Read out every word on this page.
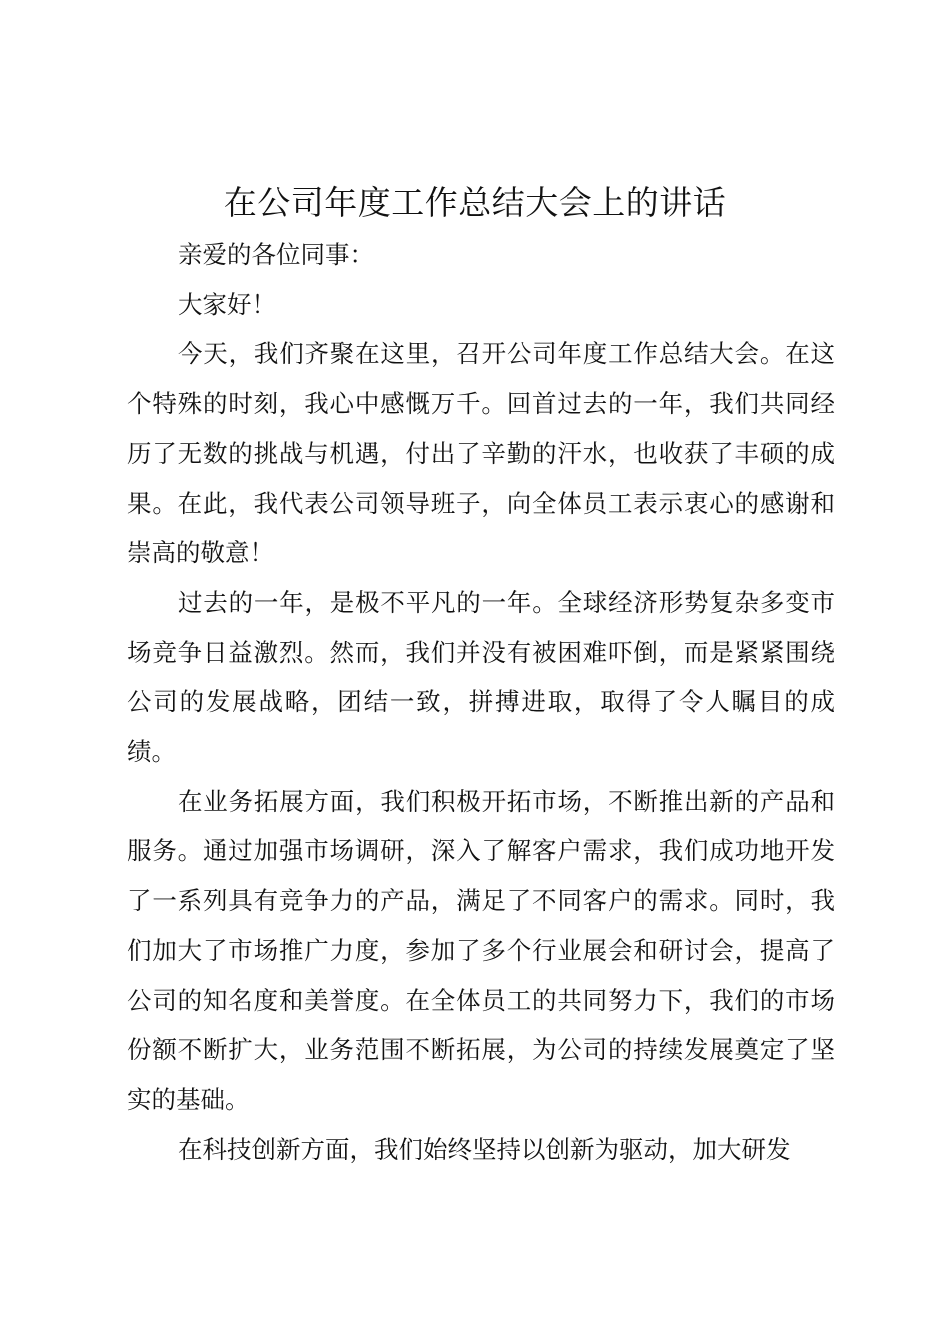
在公司年度工作总结大会上的讲话

亲爱的各位同事：

大家好！

今天，我们齐聚在这里，召开公司年度工作总结大会。在这个特殊的时刻，我心中感慨万千。回首过去的一年，我们共同经历了无数的挑战与机遇，付出了辛勤的汗水，也收获了丰硕的成果。在此，我代表公司领导班子，向全体员工表示衷心的感谢和崇高的敬意！

过去的一年，是极不平凡的一年。全球经济形势复杂多变市场竞争日益激烈。然而，我们并没有被困难吓倒，而是紧紧围绕公司的发展战略，团结一致，拼搏进取，取得了令人瞩目的成绩。

在业务拓展方面，我们积极开拓市场，不断推出新的产品和服务。通过加强市场调研，深入了解客户需求，我们成功地开发了一系列具有竞争力的产品，满足了不同客户的需求。同时，我们加大了市场推广力度，参加了多个行业展会和研讨会，提高了公司的知名度和美誉度。在全体员工的共同努力下，我们的市场份额不断扩大，业务范围不断拓展，为公司的持续发展奠定了坚实的基础。

在科技创新方面，我们始终坚持以创新为驱动，加大研发
